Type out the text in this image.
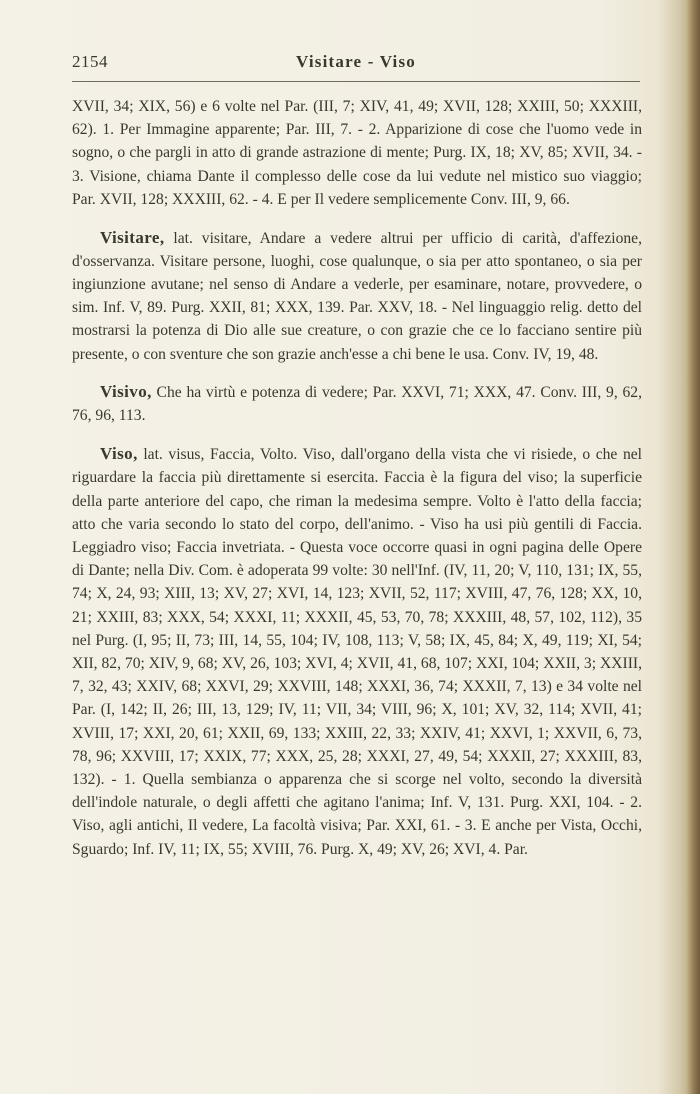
2154	Visitare - Viso

XVII, 34; XIX, 56) e 6 volte nel Par. (III, 7; XIV, 41, 49; XVII, 128; XXIII, 50; XXXIII, 62). 1. Per Immagine apparente; Par. III, 7. - 2. Apparizione di cose che l'uomo vede in sogno, o che pargli in atto di grande astrazione di mente; Purg. IX, 18; XV, 85; XVII, 34. - 3. Visione, chiama Dante il complesso delle cose da lui vedute nel mistico suo viaggio; Par. XVII, 128; XXXIII, 62. - 4. E per Il vedere semplicemente Conv. III, 9, 66.

Visitare, lat. visitare, Andare a vedere altrui per ufficio di carità, d'affezione, d'osservanza. Visitare persone, luoghi, cose qualunque, o sia per atto spontaneo, o sia per ingiunzione avutane; nel senso di Andare a vederle, per esaminare, notare, provvedere, o sim. Inf. V, 89. Purg. XXII, 81; XXX, 139. Par. XXV, 18. - Nel linguaggio relig. detto del mostrarsi la potenza di Dio alle sue creature, o con grazie che ce lo facciano sentire più presente, o con sventure che son grazie anch'esse a chi bene le usa. Conv. IV, 19, 48.

Visivo, Che ha virtù e potenza di vedere; Par. XXVI, 71; XXX, 47. Conv. III, 9, 62, 76, 96, 113.

Viso, lat. visus, Faccia, Volto. Viso, dall'organo della vista che vi risiede, o che nel riguardare la faccia più direttamente si esercita. Faccia è la figura del viso; la superficie della parte anteriore del capo, che riman la medesima sempre. Volto è l'atto della faccia; atto che varia secondo lo stato del corpo, dell'animo. - Viso ha usi più gentili di Faccia. Leggiadro viso; Faccia invetriata. - Questa voce occorre quasi in ogni pagina delle Opere di Dante; nella Div. Com. è adoperata 99 volte: 30 nell'Inf. (IV, 11, 20; V, 110, 131; IX, 55, 74; X, 24, 93; XIII, 13; XV, 27; XVI, 14, 123; XVII, 52, 117; XVIII, 47, 76, 128; XX, 10, 21; XXIII, 83; XXX, 54; XXXI, 11; XXXII, 45, 53, 70, 78; XXXIII, 48, 57, 102, 112), 35 nel Purg. (I, 95; II, 73; III, 14, 55, 104; IV, 108, 113; V, 58; IX, 45, 84; X, 49, 119; XI, 54; XII, 82, 70; XIV, 9, 68; XV, 26, 103; XVI, 4; XVII, 41, 68, 107; XXI, 104; XXII, 3; XXIII, 7, 32, 43; XXIV, 68; XXVI, 29; XXVIII, 148; XXXI, 36, 74; XXXII, 7, 13) e 34 volte nel Par. (I, 142; II, 26; III, 13, 129; IV, 11; VII, 34; VIII, 96; X, 101; XV, 32, 114; XVII, 41; XVIII, 17; XXI, 20, 61; XXII, 69, 133; XXIII, 22, 33; XXIV, 41; XXVI, 1; XXVII, 6, 73, 78, 96; XXVIII, 17; XXIX, 77; XXX, 25, 28; XXXI, 27, 49, 54; XXXII, 27; XXXIII, 83, 132). - 1. Quella sembianza o apparenza che si scorge nel volto, secondo la diversità dell'indole naturale, o degli affetti che agitano l'anima; Inf. V, 131. Purg. XXI, 104. - 2. Viso, agli antichi, Il vedere, La facoltà visiva; Par. XXI, 61. - 3. E anche per Vista, Occhi, Sguardo; Inf. IV, 11; IX, 55; XVIII, 76. Purg. X, 49; XV, 26; XVI, 4. Par.
